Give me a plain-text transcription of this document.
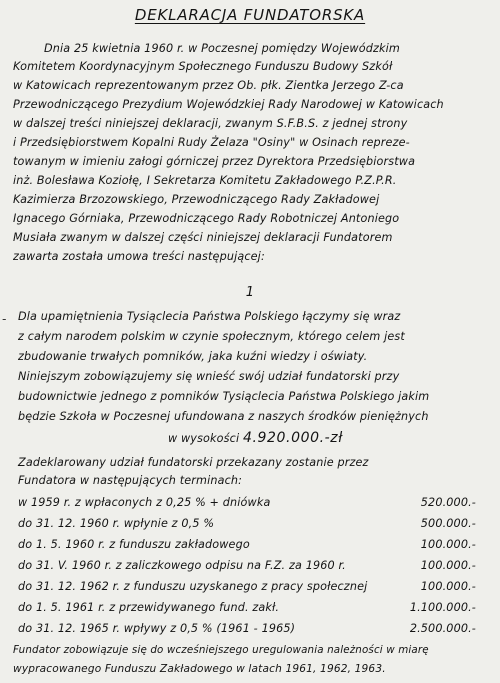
DEKLARACJA FUNDATORSKA
Dnia 25 kwietnia 1960 r. w Poczesnej pomiędzy Wojewódzkim
Komitetem Koordynacyjnym Społecznego Funduszu Budowy Szkół
w Katowicach reprezentowanym przez Ob. płk. Zientka Jerzego Z-ca
Przewodniczącego Prezydium Wojewódzkiej Rady Narodowej w Katowicach
w dalszej treści niniejszej deklaracji, zwanym S.F.B.S. z jednej strony
i Przedsiębiorstwem Kopalni Rudy Żelaza "Osiny" w Osinach repreze-
towanym w imieniu załogi górniczej przez Dyrektora Przedsiębiorstwa
inż. Bolesława Koziołę, I Sekretarza Komitetu Zakładowego P.Z.P.R.
Kazimierza Brzozowskiego, Przewodniczącego Rady Zakładowej
Ignacego Górniaka, Przewodniczącego Rady Robotniczej Antoniego
Musiała zwanym w dalszej części niniejszej deklaracji Fundatorem
zawarta została umowa treści następującej:
1
- Dla upamiętnienia Tysiąclecia Państwa Polskiego łączymy się wraz
z całym narodem polskim w czynie społecznym, którego celem jest
zbudowanie trwałych pomników, jaka kuźni wiedzy i oświaty.
Niniejszym zobowiązujemy się wnieść swój udział fundatorski przy
budownictwie jednego z pomników Tysiąclecia Państwa Polskiego jakim
będzie Szkoła w Poczesnej ufundowana z naszych środków pieniężnych
w wysokości 4.920.000.-zł
Zadeklarowany udział fundatorski przekazany zostanie przez
Fundatora w następujących terminach:
w 1959 r. z wpłaconych z 0,25 % + dniówka	520.000.-
do 31. 12. 1960 r. wpłynie z 0,5 %	500.000.-
do 1. 5. 1960 r. z funduszu zakładowego	100.000.-
do 31. V. 1960 r. z zaliczkowego odpisu na F.Z. za 1960 r.	100.000.-
do 31. 12. 1962 r. z funduszu uzyskanego z pracy społecznej	100.000.-
do 1. 5. 1961 r. z przewidywanego fund. zakł.	1.100.000.-
do 31. 12. 1965 r. wpływy z 0,5 % (1961 - 1965)	2.500.000.-
Fundator zobowiązuje się do wcześniejszego uregulowania należności w miarę
wypracowanego Funduszu Zakładowego w latach 1961, 1962, 1963.
